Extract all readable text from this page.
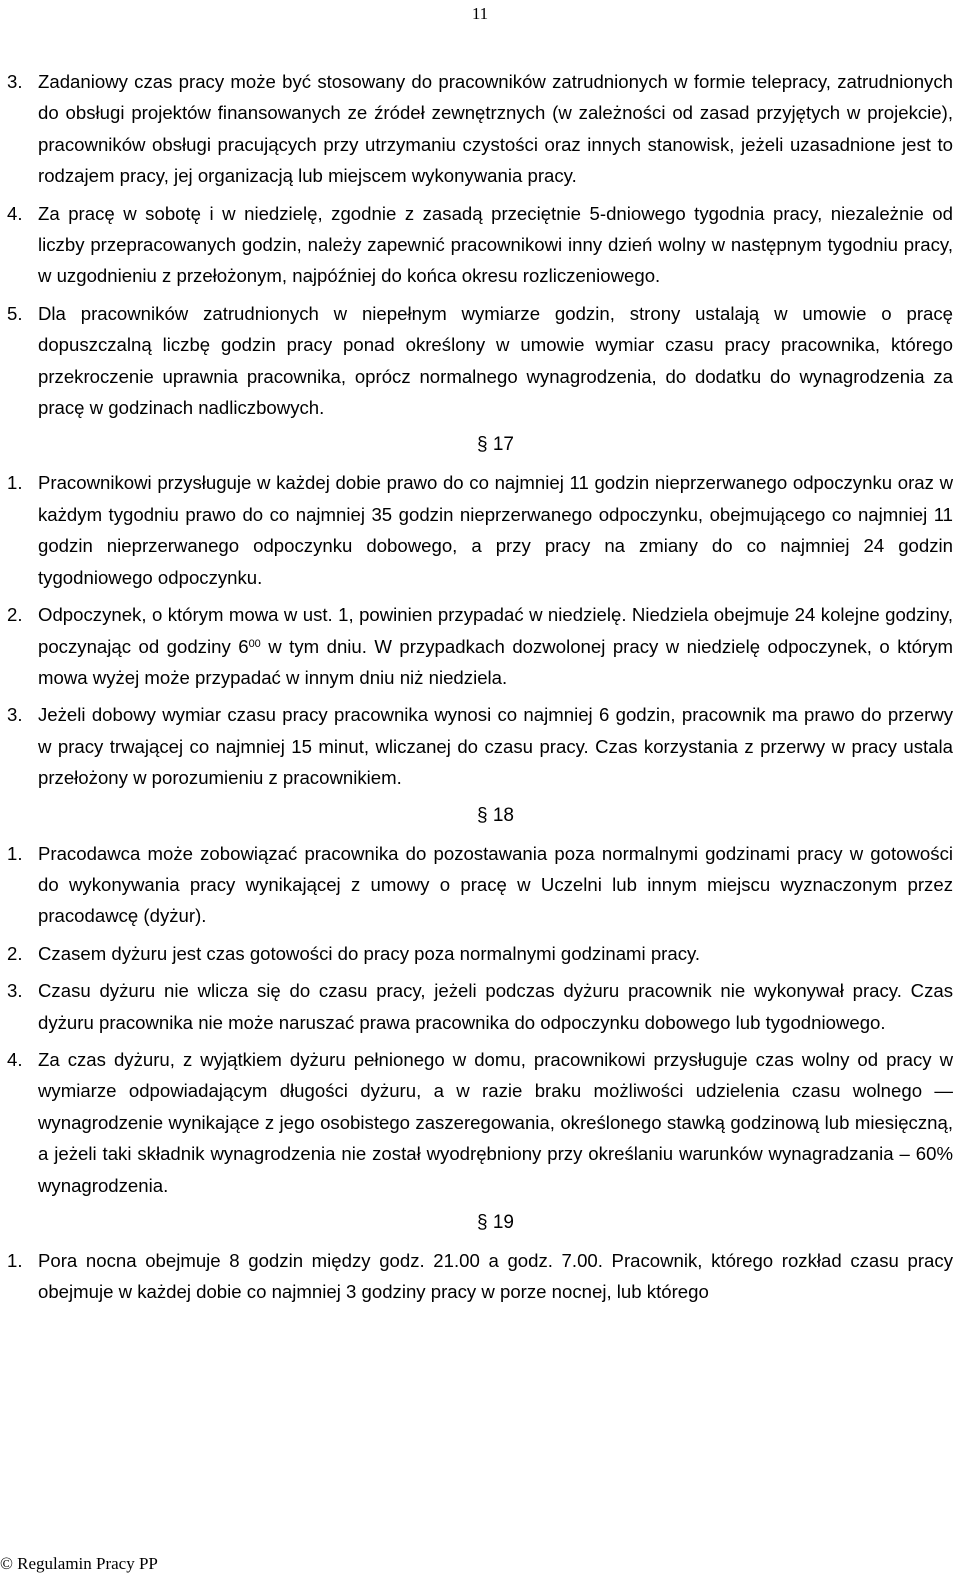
11
3. Zadaniowy czas pracy może być stosowany do pracowników zatrudnionych w formie telepracy, zatrudnionych do obsługi projektów finansowanych ze źródeł zewnętrznych (w zależności od zasad przyjętych w projekcie), pracowników obsługi pracujących przy utrzymaniu czystości oraz innych stanowisk, jeżeli uzasadnione jest to rodzajem pracy, jej organizacją lub miejscem wykonywania pracy.
4. Za pracę w sobotę i w niedzielę, zgodnie z zasadą przeciętnie 5-dniowego tygodnia pracy, niezależnie od liczby przepracowanych godzin, należy zapewnić pracownikowi inny dzień wolny w następnym tygodniu pracy, w uzgodnieniu z przełożonym, najpóźniej do końca okresu rozliczeniowego.
5. Dla pracowników zatrudnionych w niepełnym wymiarze godzin, strony ustalają w umowie o pracę dopuszczalną liczbę godzin pracy ponad określony w umowie wymiar czasu pracy pracownika, którego przekroczenie uprawnia pracownika, oprócz normalnego wynagrodzenia, do dodatku do wynagrodzenia za pracę w godzinach nadliczbowych.
§ 17
1. Pracownikowi przysługuje w każdej dobie prawo do co najmniej 11 godzin nieprzerwanego odpoczynku oraz w każdym tygodniu prawo do co najmniej 35 godzin nieprzerwanego odpoczynku, obejmującego co najmniej 11 godzin nieprzerwanego odpoczynku dobowego, a przy pracy na zmiany do co najmniej 24 godzin tygodniowego odpoczynku.
2. Odpoczynek, o którym mowa w ust. 1, powinien przypadać w niedzielę. Niedziela obejmuje 24 kolejne godziny, poczynając od godziny $6^{00}$ w tym dniu. W przypadkach dozwolonej pracy w niedzielę odpoczynek, o którym mowa wyżej może przypadać w innym dniu niż niedziela.
3. Jeżeli dobowy wymiar czasu pracy pracownika wynosi co najmniej 6 godzin, pracownik ma prawo do przerwy w pracy trwającej co najmniej 15 minut, wliczanej do czasu pracy. Czas korzystania z przerwy w pracy ustala przełożony w porozumieniu z pracownikiem.
§ 18
1. Pracodawca może zobowiązać pracownika do pozostawania poza normalnymi godzinami pracy w gotowości do wykonywania pracy wynikającej z umowy o pracę w Uczelni lub innym miejscu wyznaczonym przez pracodawcę (dyżur).
2. Czasem dyżuru jest czas gotowości do pracy poza normalnymi godzinami pracy.
3. Czasu dyżuru nie wlicza się do czasu pracy, jeżeli podczas dyżuru pracownik nie wykonywał pracy. Czas dyżuru pracownika nie może naruszać prawa pracownika do odpoczynku dobowego lub tygodniowego.
4. Za czas dyżuru, z wyjątkiem dyżuru pełnionego w domu, pracownikowi przysługuje czas wolny od pracy w wymiarze odpowiadającym długości dyżuru, a w razie braku możliwości udzielenia czasu wolnego — wynagrodzenie wynikające z jego osobistego zaszeregowania, określonego stawką godzinową lub miesięczną, a jeżeli taki składnik wynagrodzenia nie został wyodrębniony przy określaniu warunków wynagradzania – 60% wynagrodzenia.
§ 19
1. Pora nocna obejmuje 8 godzin między godz. 21.00 a godz. 7.00. Pracownik, którego rozkład czasu pracy obejmuje w każdej dobie co najmniej 3 godziny pracy w porze nocnej, lub którego
© Regulamin Pracy PP
